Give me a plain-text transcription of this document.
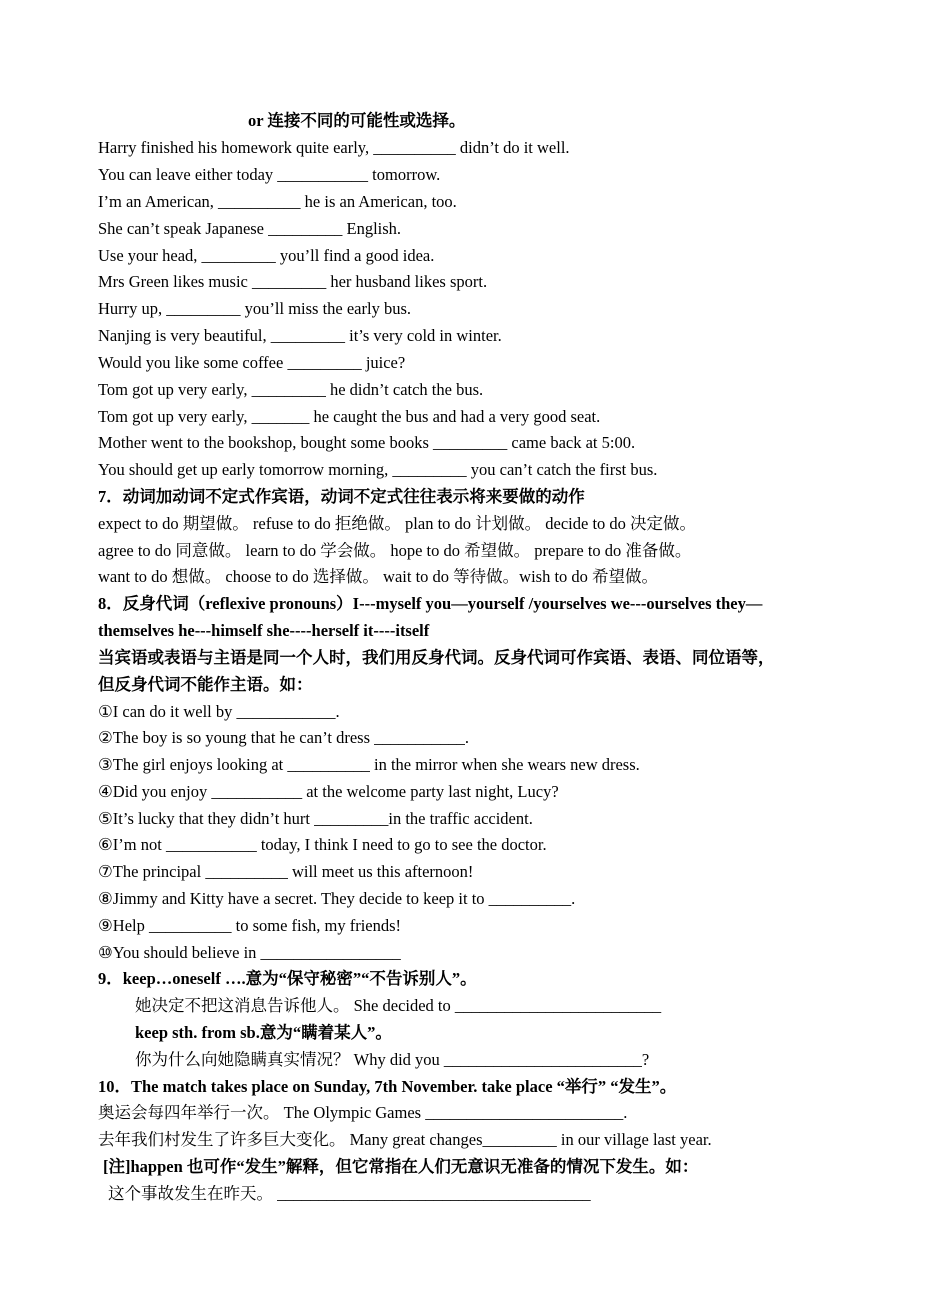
or 连接不同的可能性或选择。
Harry finished his homework quite early, __________ didn’t do it well.
You can leave either today ___________ tomorrow.
I’m an American, __________ he is an American, too.
She can’t speak Japanese _________ English.
Use your head, _________ you’ll find a good idea.
Mrs Green likes music _________ her husband likes sport.
Hurry up, _________ you’ll miss the early bus.
Nanjing is very beautiful, _________ it’s very cold in winter.
Would you like some coffee _________ juice?
Tom got up very early, _________ he didn’t catch the bus.
Tom got up very early, _______ he caught the bus and had a very good seat.
Mother went to the bookshop, bought some books _________ came back at 5:00.
You should get up early tomorrow morning, _________ you can’t catch the first bus.
7．动词加动词不定式作宾语，动词不定式往往表示将来要做的动作
expect to do 期望做。 refuse to do 拒绝做。 plan to do 计划做。 decide to do 决定做。
agree to do 同意做。 learn to do 学会做。 hope to do 希望做。 prepare to do 准备做。
want to do 想做。 choose to do 选择做。 wait to do 等待做。wish to do 希望做。
8．反身代词（reflexive pronouns）I---myself you—yourself /yourselves we---ourselves they—
themselves he---himself she----herself it----itself
当宾语或表语与主语是同一个人时，我们用反身代词。反身代词可作宾语、表语、同位语等，
但反身代词不能作主语。如：
①I can do it well by ____________.
②The boy is so young that he can’t dress ___________.
③The girl enjoys looking at __________ in the mirror when she wears new dress.
④Did you enjoy ___________ at the welcome party last night, Lucy?
⑤It’s lucky that they didn’t hurt _________in the traffic accident.
⑥I’m not ___________ today, I think I need to go to see the doctor.
⑦The principal __________ will meet us this afternoon!
⑧Jimmy and Kitty have a secret. They decide to keep it to __________.
⑨Help __________ to some fish, my friends!
⑩You should believe in _________________
9．keep…oneself ….意为“保守秘密”“不告诉别人”。
她决定不把这消息告诉他人。 She decided to _________________________
keep sth. from sb.意为“瞒着某人”。
你为什么向她隐瞒真实情况？ Why did you ________________________?
10．The match takes place on Sunday, 7th November. take place “举行” “发生”。
奥运会每四年举行一次。 The Olympic Games ________________________.
去年我们村发生了许多巨大变化。 Many great changes_________ in our village last year.
[注]happen 也可作“发生”解释，但它常指在人们无意识无准备的情况下发生。如：
这个事故发生在昨天。 ______________________________________
